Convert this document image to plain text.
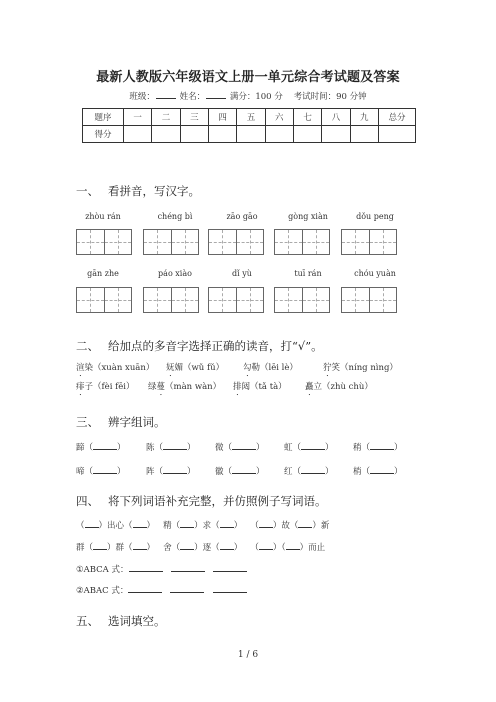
最新人教版六年级语文上册一单元综合考试题及答案
班级：	姓名：	满分：100 分 考试时间：90 分钟
题序	一	二	三	四	五	六	七	八	九	总分
得分										
一、 看拼音，写汉字。
zhòu rán	chéng bì	zāo gāo	gòng xiàn	dǒu peng
gān zhe	páo xiào	dǐ yù	tuī rán	chóu yuàn
二、 给加点的多音字选择正确的读音，打“√”。
渲染（xuàn xuān） 妩媚（wǔ fǔ） 勾勒（lēi lè）	狞笑（níng nìng）
痱子（fèi fēi） 绿蔓（màn wàn） 排闼（tǎ tà） 矗立（zhù chù）
三、 辨字组词。
蹄（	） 陈（	） 微（	） 虹（	） 稍（	）
啼（	） 阵（	） 徽（	） 红（	） 梢（	）
四、 将下列词语补充完整，并仿照例子写词语。
（ ）出心（ ） 精（ ）求（ ） （ ）故（ ）新
群（ ）群（ ） 舍（ ）逐（ ） （ ）（ ）而止
①ABCA 式：
②ABAC 式：
五、 选词填空。
1 / 6
